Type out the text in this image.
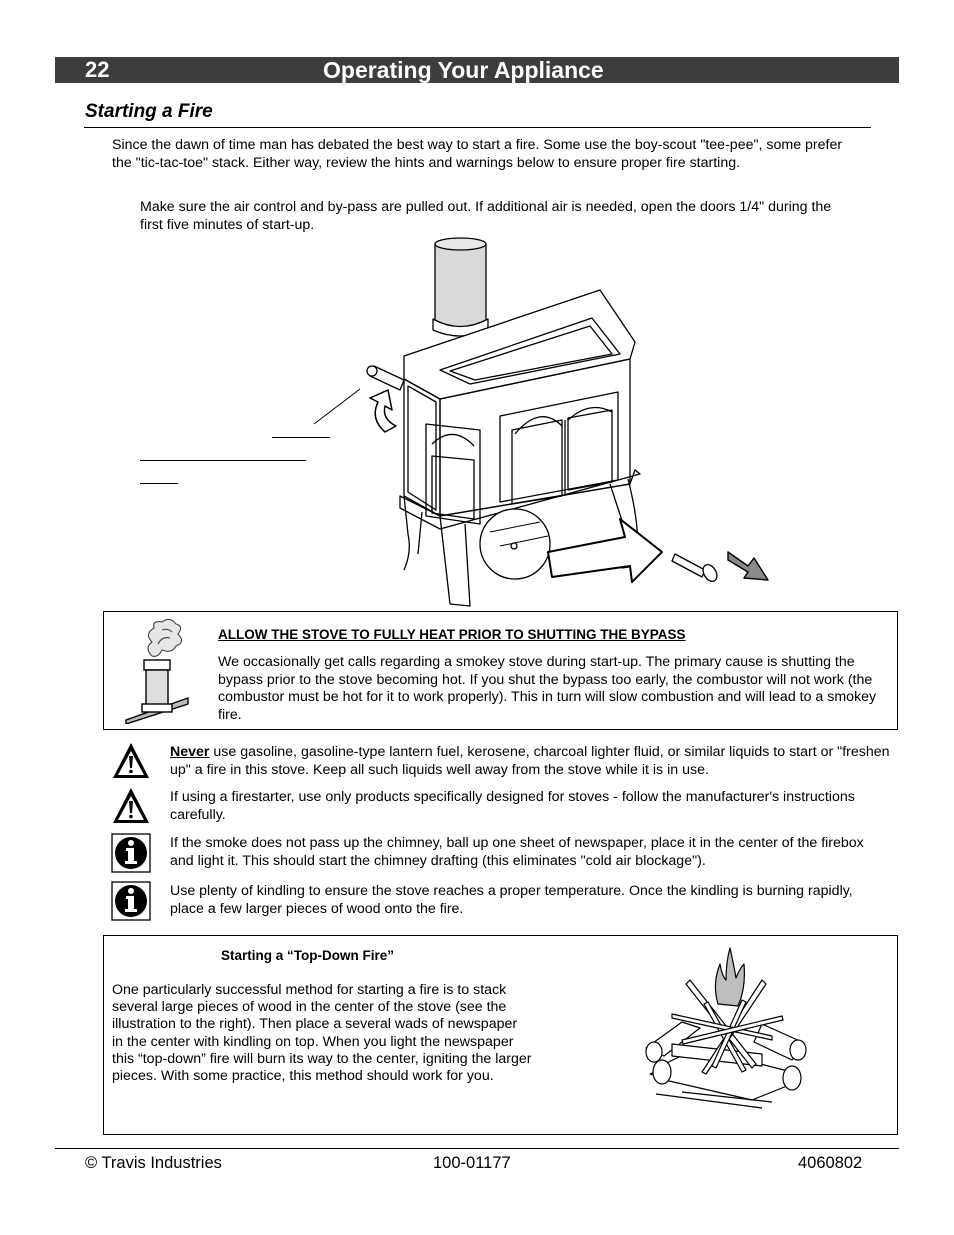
22	Operating Your Appliance
Starting a Fire
Since the dawn of time man has debated the best way to start a fire. Some use the boy-scout "tee-pee", some prefer the "tic-tac-toe" stack. Either way, review the hints and warnings below to ensure proper fire starting.
Make sure the air control and by-pass are pulled out. If additional air is needed, open the doors 1/4" during the first five minutes of start-up.
ALLOW THE STOVE TO FULLY HEAT PRIOR TO SHUTTING THE BYPASS
We occasionally get calls regarding a smokey stove during start-up. The primary cause is shutting the bypass prior to the stove becoming hot. If you shut the bypass too early, the combustor will not work (the combustor must be hot for it to work properly). This in turn will slow combustion and will lead to a smokey fire.
Never use gasoline, gasoline-type lantern fuel, kerosene, charcoal lighter fluid, or similar liquids to start or "freshen up" a fire in this stove. Keep all such liquids well away from the stove while it is in use.
If using a firestarter, use only products specifically designed for stoves - follow the manufacturer's instructions carefully.
If the smoke does not pass up the chimney, ball up one sheet of newspaper, place it in the center of the firebox and light it. This should start the chimney drafting (this eliminates "cold air blockage").
Use plenty of kindling to ensure the stove reaches a proper temperature. Once the kindling is burning rapidly, place a few larger pieces of wood onto the fire.
Starting a “Top-Down Fire”
One particularly successful method for starting a fire is to stack several large pieces of wood in the center of the stove (see the illustration to the right). Then place a several wads of newspaper in the center with kindling on top. When you light the newspaper this “top-down” fire will burn its way to the center, igniting the larger pieces. With some practice, this method should work for you.
© Travis Industries	100-01177	4060802
